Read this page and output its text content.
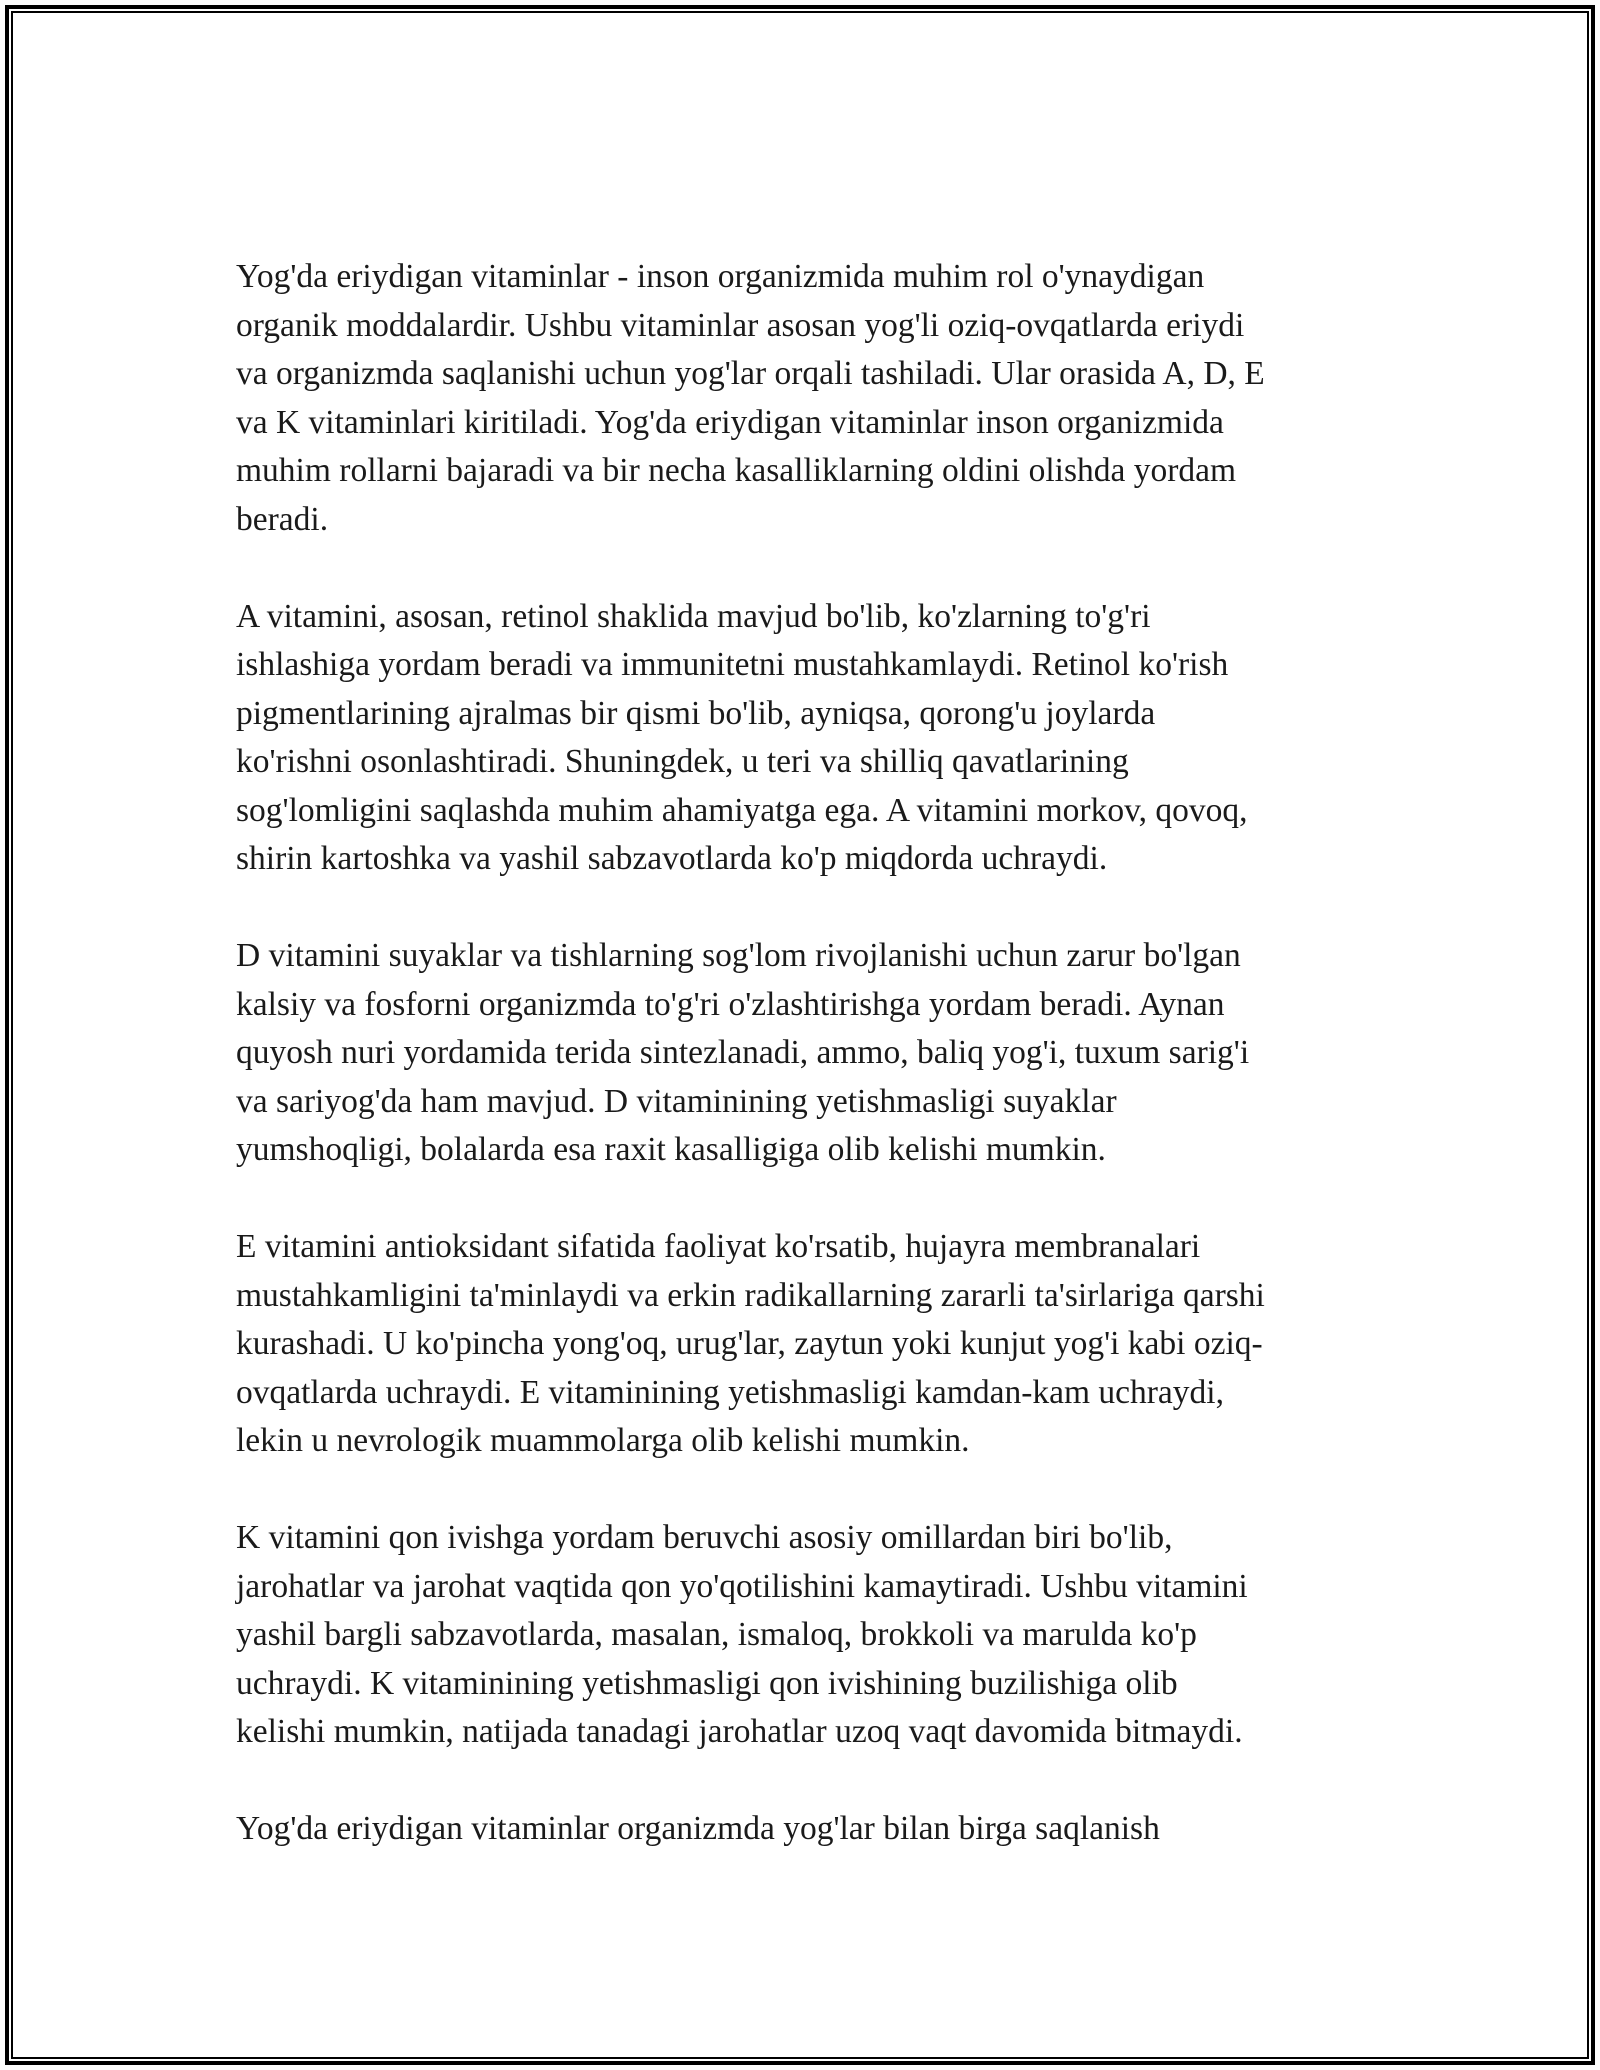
Yog'da eriydigan vitaminlar - inson organizmida muhim rol o'ynaydigan
organik moddalardir. Ushbu vitaminlar asosan yog'li oziq-ovqatlarda eriydi
va organizmda saqlanishi uchun yog'lar orqali tashiladi. Ular orasida A, D, E
va K vitaminlari kiritiladi. Yog'da eriydigan vitaminlar inson organizmida
muhim rollarni bajaradi va bir necha kasalliklarning oldini olishda yordam
beradi.

A vitamini, asosan, retinol shaklida mavjud bo'lib, ko'zlarning to'g'ri
ishlashiga yordam beradi va immunitetni mustahkamlaydi. Retinol ko'rish
pigmentlarining ajralmas bir qismi bo'lib, ayniqsa, qorong'u joylarda
ko'rishni osonlashtiradi. Shuningdek, u teri va shilliq qavatlarining
sog'lomligini saqlashda muhim ahamiyatga ega. A vitamini morkov, qovoq,
shirin kartoshka va yashil sabzavotlarda ko'p miqdorda uchraydi.

D vitamini suyaklar va tishlarning sog'lom rivojlanishi uchun zarur bo'lgan
kalsiy va fosforni organizmda to'g'ri o'zlashtirishga yordam beradi. Aynan
quyosh nuri yordamida terida sintezlanadi, ammo, baliq yog'i, tuxum sarig'i
va sariyog'da ham mavjud. D vitaminining yetishmasligi suyaklar
yumshoqligi, bolalarda esa raxit kasalligiga olib kelishi mumkin.

E vitamini antioksidant sifatida faoliyat ko'rsatib, hujayra membranalari
mustahkamligini ta'minlaydi va erkin radikallarning zararli ta'sirlariga qarshi
kurashadi. U ko'pincha yong'oq, urug'lar, zaytun yoki kunjut yog'i kabi oziq-
ovqatlarda uchraydi. E vitaminining yetishmasligi kamdan-kam uchraydi,
lekin u nevrologik muammolarga olib kelishi mumkin.

K vitamini qon ivishga yordam beruvchi asosiy omillardan biri bo'lib,
jarohatlar va jarohat vaqtida qon yo'qotilishini kamaytiradi. Ushbu vitamini
yashil bargli sabzavotlarda, masalan, ismaloq, brokkoli va marulda ko'p
uchraydi. K vitaminining yetishmasligi qon ivishining buzilishiga olib
kelishi mumkin, natijada tanadagi jarohatlar uzoq vaqt davomida bitmaydi.

Yog'da eriydigan vitaminlar organizmda yog'lar bilan birga saqlanish
